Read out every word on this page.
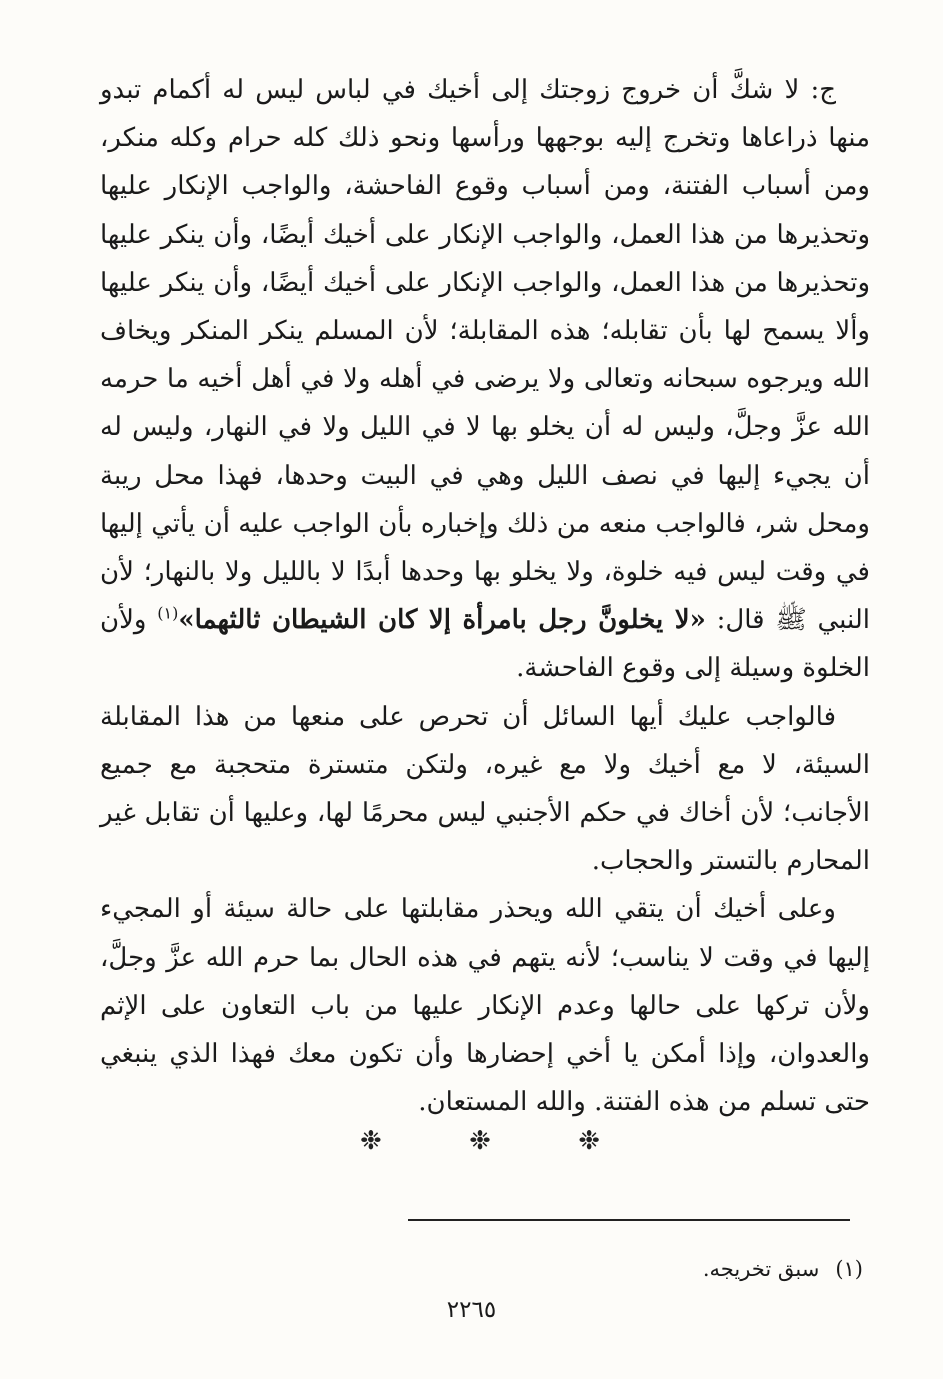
ج: لا شكَّ أن خروج زوجتك إلى أخيك في لباس ليس له أكمام تبدو منها ذراعاها وتخرج إليه بوجهها ورأسها ونحو ذلك كله حرام وكله منكر، ومن أسباب الفتنة، ومن أسباب وقوع الفاحشة، والواجب الإنكار عليها وتحذيرها من هذا العمل، والواجب الإنكار على أخيك أيضًا، وأن ينكر عليها وتحذيرها من هذا العمل، والواجب الإنكار على أخيك أيضًا، وأن ينكر عليها وألا يسمح لها بأن تقابله؛ هذه المقابلة؛ لأن المسلم ينكر المنكر ويخاف الله ويرجوه سبحانه وتعالى ولا يرضى في أهله ولا في أهل أخيه ما حرمه الله عزَّ وجلَّ، وليس له أن يخلو بها لا في الليل ولا في النهار، وليس له أن يجيء إليها في نصف الليل وهي في البيت وحدها، فهذا محل ريبة ومحل شر، فالواجب منعه من ذلك وإخباره بأن الواجب عليه أن يأتي إليها في وقت ليس فيه خلوة، ولا يخلو بها وحدها أبدًا لا بالليل ولا بالنهار؛ لأن النبي ﷺ قال: «لا يخلونَّ رجل بامرأة إلا كان الشيطان ثالثهما»$^{(١)}$ ولأن الخلوة وسيلة إلى وقوع الفاحشة.

فالواجب عليك أيها السائل أن تحرص على منعها من هذا المقابلة السيئة، لا مع أخيك ولا مع غيره، ولتكن متسترة متحجبة مع جميع الأجانب؛ لأن أخاك في حكم الأجنبي ليس محرمًا لها، وعليها أن تقابل غير المحارم بالتستر والحجاب.

وعلى أخيك أن يتقي الله ويحذر مقابلتها على حالة سيئة أو المجيء إليها في وقت لا يناسب؛ لأنه يتهم في هذه الحال بما حرم الله عزَّ وجلَّ، ولأن تركها على حالها وعدم الإنكار عليها من باب التعاون على الإثم والعدوان، وإذا أمكن يا أخي إحضارها وأن تكون معك فهذا الذي ينبغي حتى تسلم من هذه الفتنة. والله المستعان.

❉
❉
❉
(١)سبق تخريجه.
٢٢٦٥
